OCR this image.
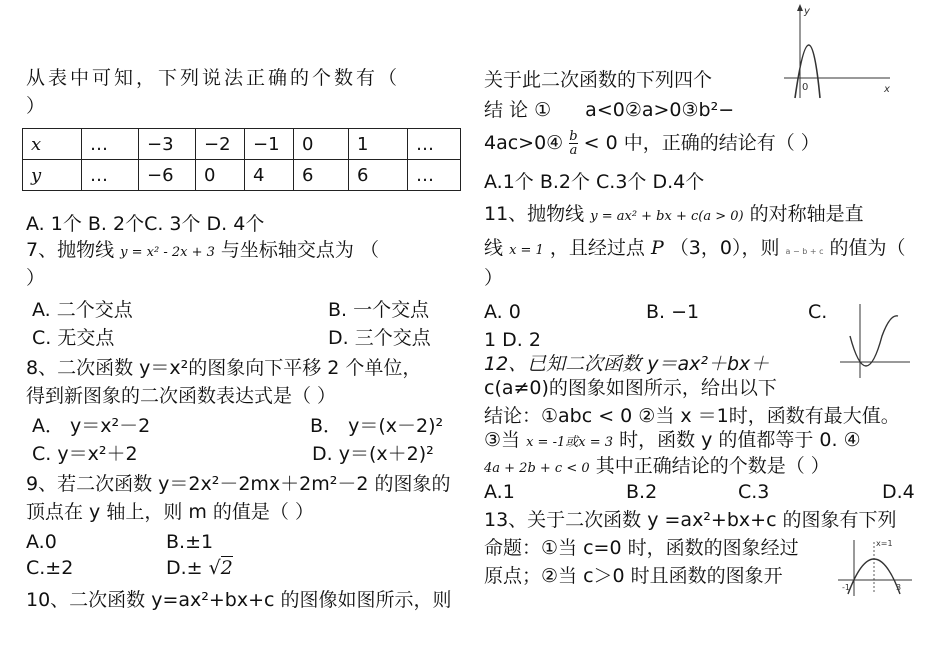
从表中可知，下列说法正确的个数有（
）
x	…	−3	−2	−1	0	1	…
y	…	−6	0	4	6	6	…
A. 1个 B. 2个C. 3个 D. 4个
7、抛物线 y = x² - 2x + 3 与坐标轴交点为 （
）
A. 二个交点	B. 一个交点
C. 无交点	D. 三个交点
8、二次函数 y＝x²的图象向下平移 2 个单位，
得到新图象的二次函数表达式是（ ）
A． y＝x²－2	B． y＝(x－2)²
C. y＝x²＋2	D. y＝(x＋2)²
9、若二次函数 y＝2x²－2mx＋2m²－2 的图象的
顶点在 y 轴上，则 m 的值是（ ）
A.0	B.±1
C.±2	D.± √2
10、二次函数 y=ax²+bx+c 的图像如图所示，则
关于此二次函数的下列四个
结 论 ① a<0②a>0③b²−
4ac>0④ $\frac{b}{a} < 0$ 中，正确的结论有（ ）
A.1个 B.2个 C.3个 D.4个
y
0	x
11、抛物线 y = ax² + bx + c(a > 0) 的对称轴是直
线 x = 1 ，且经过点 P （3，0），则 a − b + c 的值为（
）
A. 0	B. −1	C.
1 D. 2
12、已知二次函数 y＝ax²＋bx＋
c(a≠0)的图象如图所示，给出以下
结论：①abc < 0 ②当 x ＝1时，函数有最大值。
③当 x = -1或x = 3 时，函数 y 的值都等于 0. ④
4a + 2b + c < 0 其中正确结论的个数是（ ）
A.1	B.2	C.3	D.4
13、关于二次函数 y =ax²+bx+c 的图象有下列
命题：①当 c=0 时，函数的图象经过
原点；②当 c＞0 时且函数的图象开
x=1
-1	3
